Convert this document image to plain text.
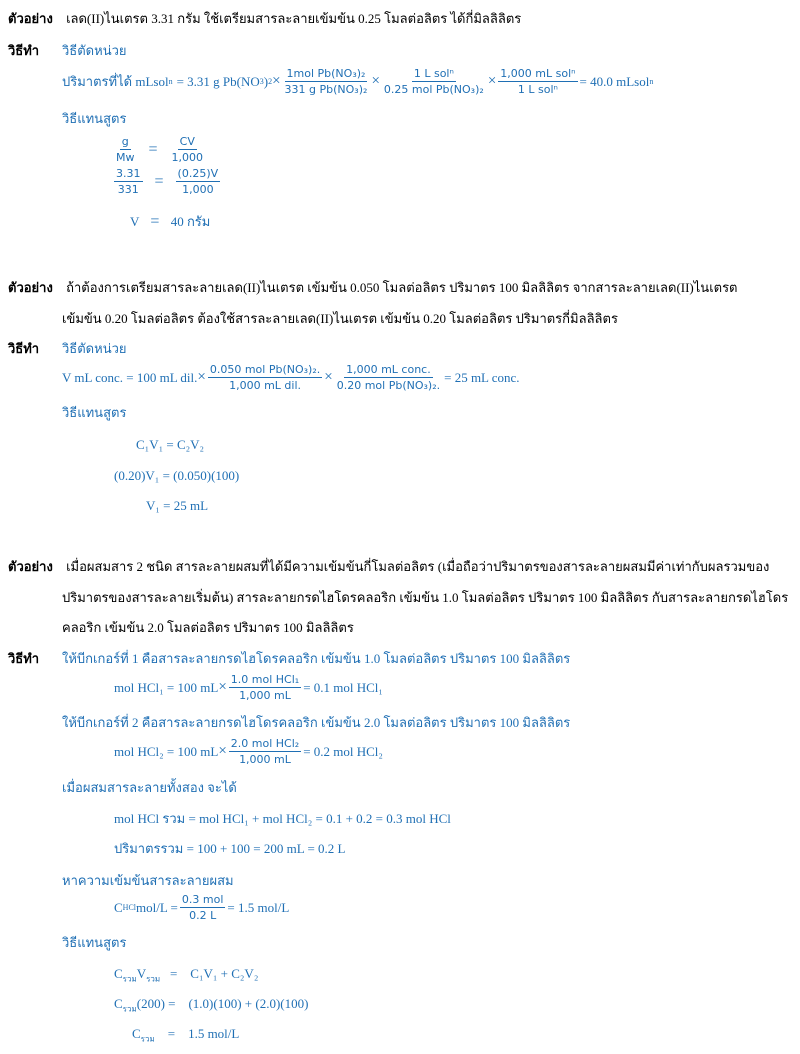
ตัวอย่าง เลด(II)ไนเตรต 3.31 กรัม ใช้เตรียมสารละลายเข้มข้น 0.25 โมลต่อลิตร ได้กี่มิลลิลิตร
วิธีทำ วิธีตัดหน่วย
ปริมาตรที่ได้ mLsol n = 3.31 g Pb(NO 3 ) $2 \times \frac{\text{1mol Pb(NO₃)₂}}{\text{331 g Pb(NO₃)₂}} \times \frac{\text{1 L solⁿ}}{\text{0.25 mol Pb(NO₃)₂}} \times \frac{\text{1,000 mL solⁿ}}{\text{1 L solⁿ}} = 40.0$ mLsol n
วิธีแทนสูตร
$\frac{g}{Mw} = \frac{CV}{1,000}$
$\frac{3.31}{331} = \frac{(0.25)V}{1,000}$
V = 40 กรัม
ตัวอย่าง ถ้าต้องการเตรียมสารละลายเลด(II)ไนเตรต เข้มข้น 0.050 โมลต่อลิตร ปริมาตร 100 มิลลิลิตร จากสารละลายเลด(II)ไนเตรต
เข้มข้น 0.20 โมลต่อลิตร ต้องใช้สารละลายเลด(II)ไนเตรต เข้มข้น 0.20 โมลต่อลิตร ปริมาตรกี่มิลลิลิตร
วิธีทำ วิธีตัดหน่วย
V mL conc. = 100 mL dil. × $\frac{\text{0.050 mol Pb(NO₃)₂.}}{\text{1,000 mL dil.}} \times \frac{\text{1,000 mL conc.}}{\text{0.20 mol Pb(NO₃)₂.}} = 25$ mL conc.
วิธีแทนสูตร
C₁V₁ = C₂V₂
(0.20)V₁ = (0.050)(100)
V₁ = 25 mL
ตัวอย่าง เมื่อผสมสาร 2 ชนิด สารละลายผสมที่ได้มีความเข้มข้นกี่โมลต่อลิตร (เมื่อถือว่าปริมาตรของสารละลายผสมมีค่าเท่ากับผลรวมของ
ปริมาตรของสารละลายเริ่มต้น) สารละลายกรดไฮโดรคลอริก เข้มข้น 1.0 โมลต่อลิตร ปริมาตร 100 มิลลิลิตร กับสารละลายกรดไฮโดร
คลอริก เข้มข้น 2.0 โมลต่อลิตร ปริมาตร 100 มิลลิลิตร
วิธีทำ ให้บีกเกอร์ที่ 1 คือสารละลายกรดไฮโดรคลอริก เข้มข้น 1.0 โมลต่อลิตร ปริมาตร 100 มิลลิลิตร
mol HCl₁ = 100 mL × $\frac{\text{1.0 mol HCl₁}}{1,000 mL} = 0.1$ mol HCl₁
ให้บีกเกอร์ที่ 2 คือสารละลายกรดไฮโดรคลอริก เข้มข้น 2.0 โมลต่อลิตร ปริมาตร 100 มิลลิลิตร
mol HCl₂ = 100 mL × $\frac{\text{2.0 mol HCl₂}}{1,000 mL} = 0.2$ mol HCl₂
เมื่อผสมสารละลายทั้งสอง จะได้
mol HCl รวม = mol HCl₁ + mol HCl₂ = 0.1 + 0.2 = 0.3 mol HCl
ปริมาตรรวม = 100 + 100 = 200 mL = 0.2 L
หาความเข้มข้นสารละลายผสม
C HCl $mol/L = \frac{\text{0.3 mol}}{0.2 L} = 1.5$ mol/L
วิธีแทนสูตร
$C_{รวม}V_{รวม}$   =    C₁V₁ + C₂V₂
$C_{รวม}(200)$ =    (1.0)(100) + (2.0)(100)
$C_{รวม}$    =    1.5 mol/L
